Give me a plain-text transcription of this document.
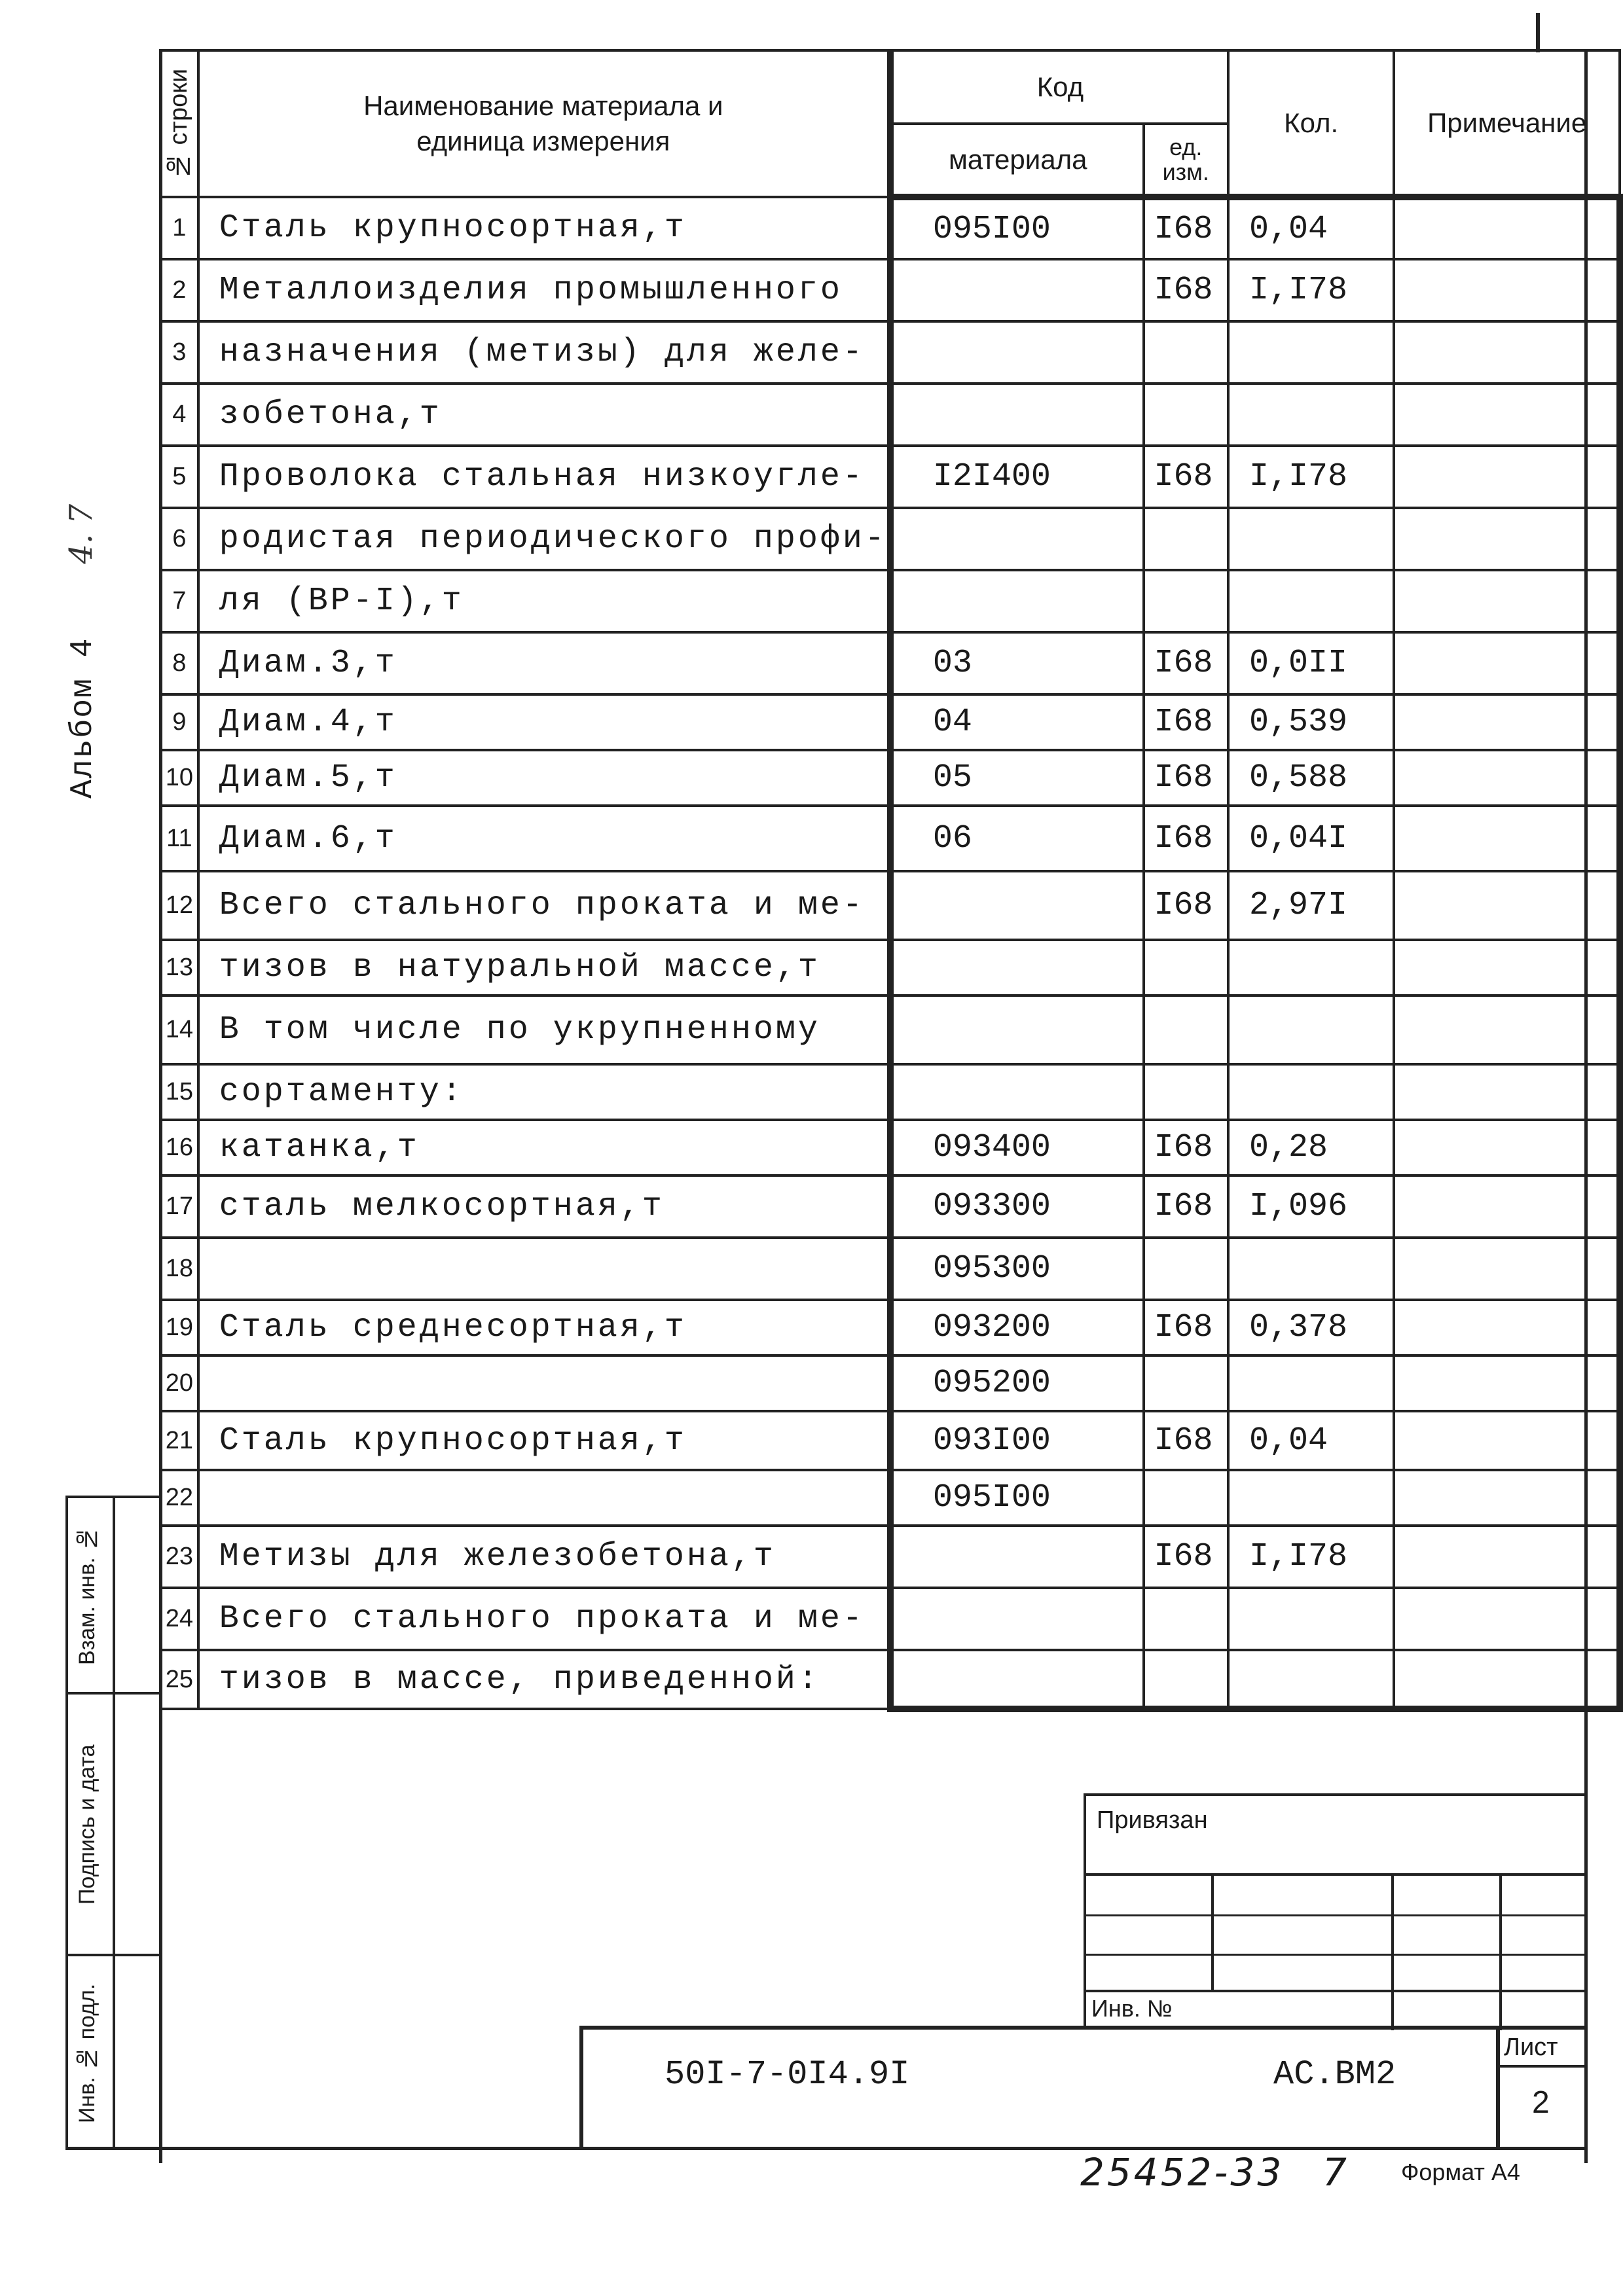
Альбом 4
4. 7
№ строки	Наименование материала и
единица измерения	Код		Кол.	Примечание
		материала	ед.
изм.		

1	Сталь крупносортная,т	095I00	I68	0,04	
2	Металлоизделия промышленного		I68	I,I78	
3	назначения (метизы) для желе-				
4	зобетона,т				
5	Проволока стальная низкоугле-	I2I400	I68	I,I78	
6	родистая периодического профи-				
7	ля (ВР-I),т				
8	Диам.3,т	03	I68	0,0II	
9	Диам.4,т	04	I68	0,539	
10	Диам.5,т	05	I68	0,588	
11	Диам.6,т	06	I68	0,04I	
12	Всего стального проката и ме-		I68	2,97I	
13	тизов в натуральной массе,т				
14	В том числе по укрупненному				
15	сортаменту:				
16	катанка,т	093400	I68	0,28	
17	сталь мелкосортная,т	093300	I68	I,096	
18		095300			
19	Сталь среднесортная,т	093200	I68	0,378	
20		095200			
21	Сталь крупносортная,т	093I00	I68	0,04	
22		095I00			
23	Метизы для железобетона,т		I68	I,I78	
24	Всего стального проката и ме-				
25	тизов в массе, приведенной:				
Взам. инв. №
Подпись и дата
Инв. № подл.
Привязан
Инв. №
50I-7-0I4.9I	АС.ВМ2
Лист
2
25452-33 7 Формат А4
